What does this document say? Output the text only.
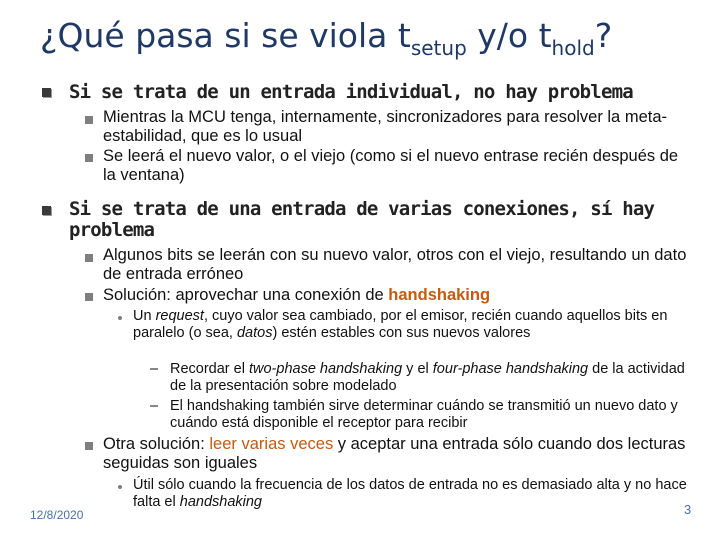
¿Qué pasa si se viola $t_{setup}$ y/o $t_{hold}$?
Si se trata de un entrada individual, no hay problema
Mientras la MCU tenga, internamente, sincronizadores para resolver la meta-estabilidad, que es lo usual
Se leerá el nuevo valor, o el viejo (como si el nuevo entrase recién después de la ventana)
Si se trata de una entrada de varias conexiones, sí hay problema
Algunos bits se leerán con su nuevo valor, otros con el viejo, resultando un dato de entrada erróneo
Solución: aprovechar una conexión de handshaking
Un request, cuyo valor sea cambiado, por el emisor, recién cuando aquellos bits en paralelo (o sea, datos) estén estables con sus nuevos valores
– Recordar el two-phase handshaking y el four-phase handshaking de la actividad de la presentación sobre modelado
– El handshaking también sirve determinar cuándo se transmitió un nuevo dato y cuándo está disponible el receptor para recibir
Otra solución: leer varias veces y aceptar una entrada sólo cuando dos lecturas seguidas son iguales
Útil sólo cuando la frecuencia de los datos de entrada no es demasiado alta y no hace falta el handshaking
12/8/2020	3
